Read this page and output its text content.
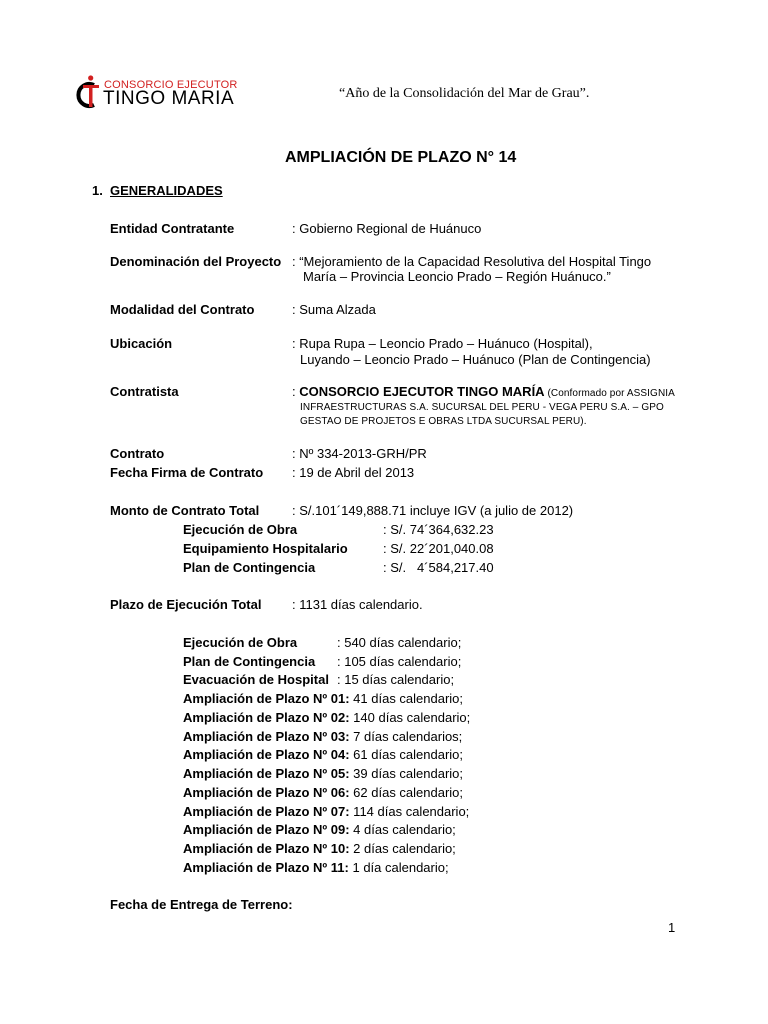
CONSORCIO EJECUTOR
TINGO MARIA	“Año de la Consolidación del Mar de Grau”.
AMPLIACIÓN DE PLAZO N° 14
1. GENERALIDADES
Entidad Contratante	: Gobierno Regional de Huánuco
Denominación del Proyecto : “Mejoramiento de la Capacidad Resolutiva del Hospital Tingo
María – Provincia Leoncio Prado – Región Huánuco.”
Modalidad del Contrato	: Suma Alzada
Ubicación	: Rupa Rupa – Leoncio Prado – Huánuco (Hospital),
Luyando – Leoncio Prado – Huánuco (Plan de Contingencia)
Contratista	: CONSORCIO EJECUTOR TINGO MARÍA (Conformado por ASSIGNIA
INFRAESTRUCTURAS S.A. SUCURSAL DEL PERU - VEGA PERU S.A. – GPO
GESTAO DE PROJETOS E OBRAS LTDA SUCURSAL PERU).
Contrato	: Nº 334-2013-GRH/PR
Fecha Firma de Contrato : 19 de Abril del 2013
Monto de Contrato Total	: S/.101´149,888.71 incluye IGV (a julio de 2012)
Ejecución de Obra	: S/. 74´364,632.23
Equipamiento Hospitalario	: S/. 22´201,040.08
Plan de Contingencia	: S/.   4´584,217.40
Plazo de Ejecución Total : 1131 días calendario.
Ejecución de Obra	: 540 días calendario;
Plan de Contingencia : 105 días calendario;
Evacuación de Hospital : 15 días calendario;
Ampliación de Plazo Nº 01: 41 días calendario;
Ampliación de Plazo Nº 02: 140 días calendario;
Ampliación de Plazo Nº 03: 7 días calendarios;
Ampliación de Plazo Nº 04: 61 días calendario;
Ampliación de Plazo Nº 05: 39 días calendario;
Ampliación de Plazo Nº 06: 62 días calendario;
Ampliación de Plazo Nº 07: 114 días calendario;
Ampliación de Plazo Nº 09: 4 días calendario;
Ampliación de Plazo Nº 10: 2 días calendario;
Ampliación de Plazo Nº 11: 1 día calendario;
Fecha de Entrega de Terreno:
1
